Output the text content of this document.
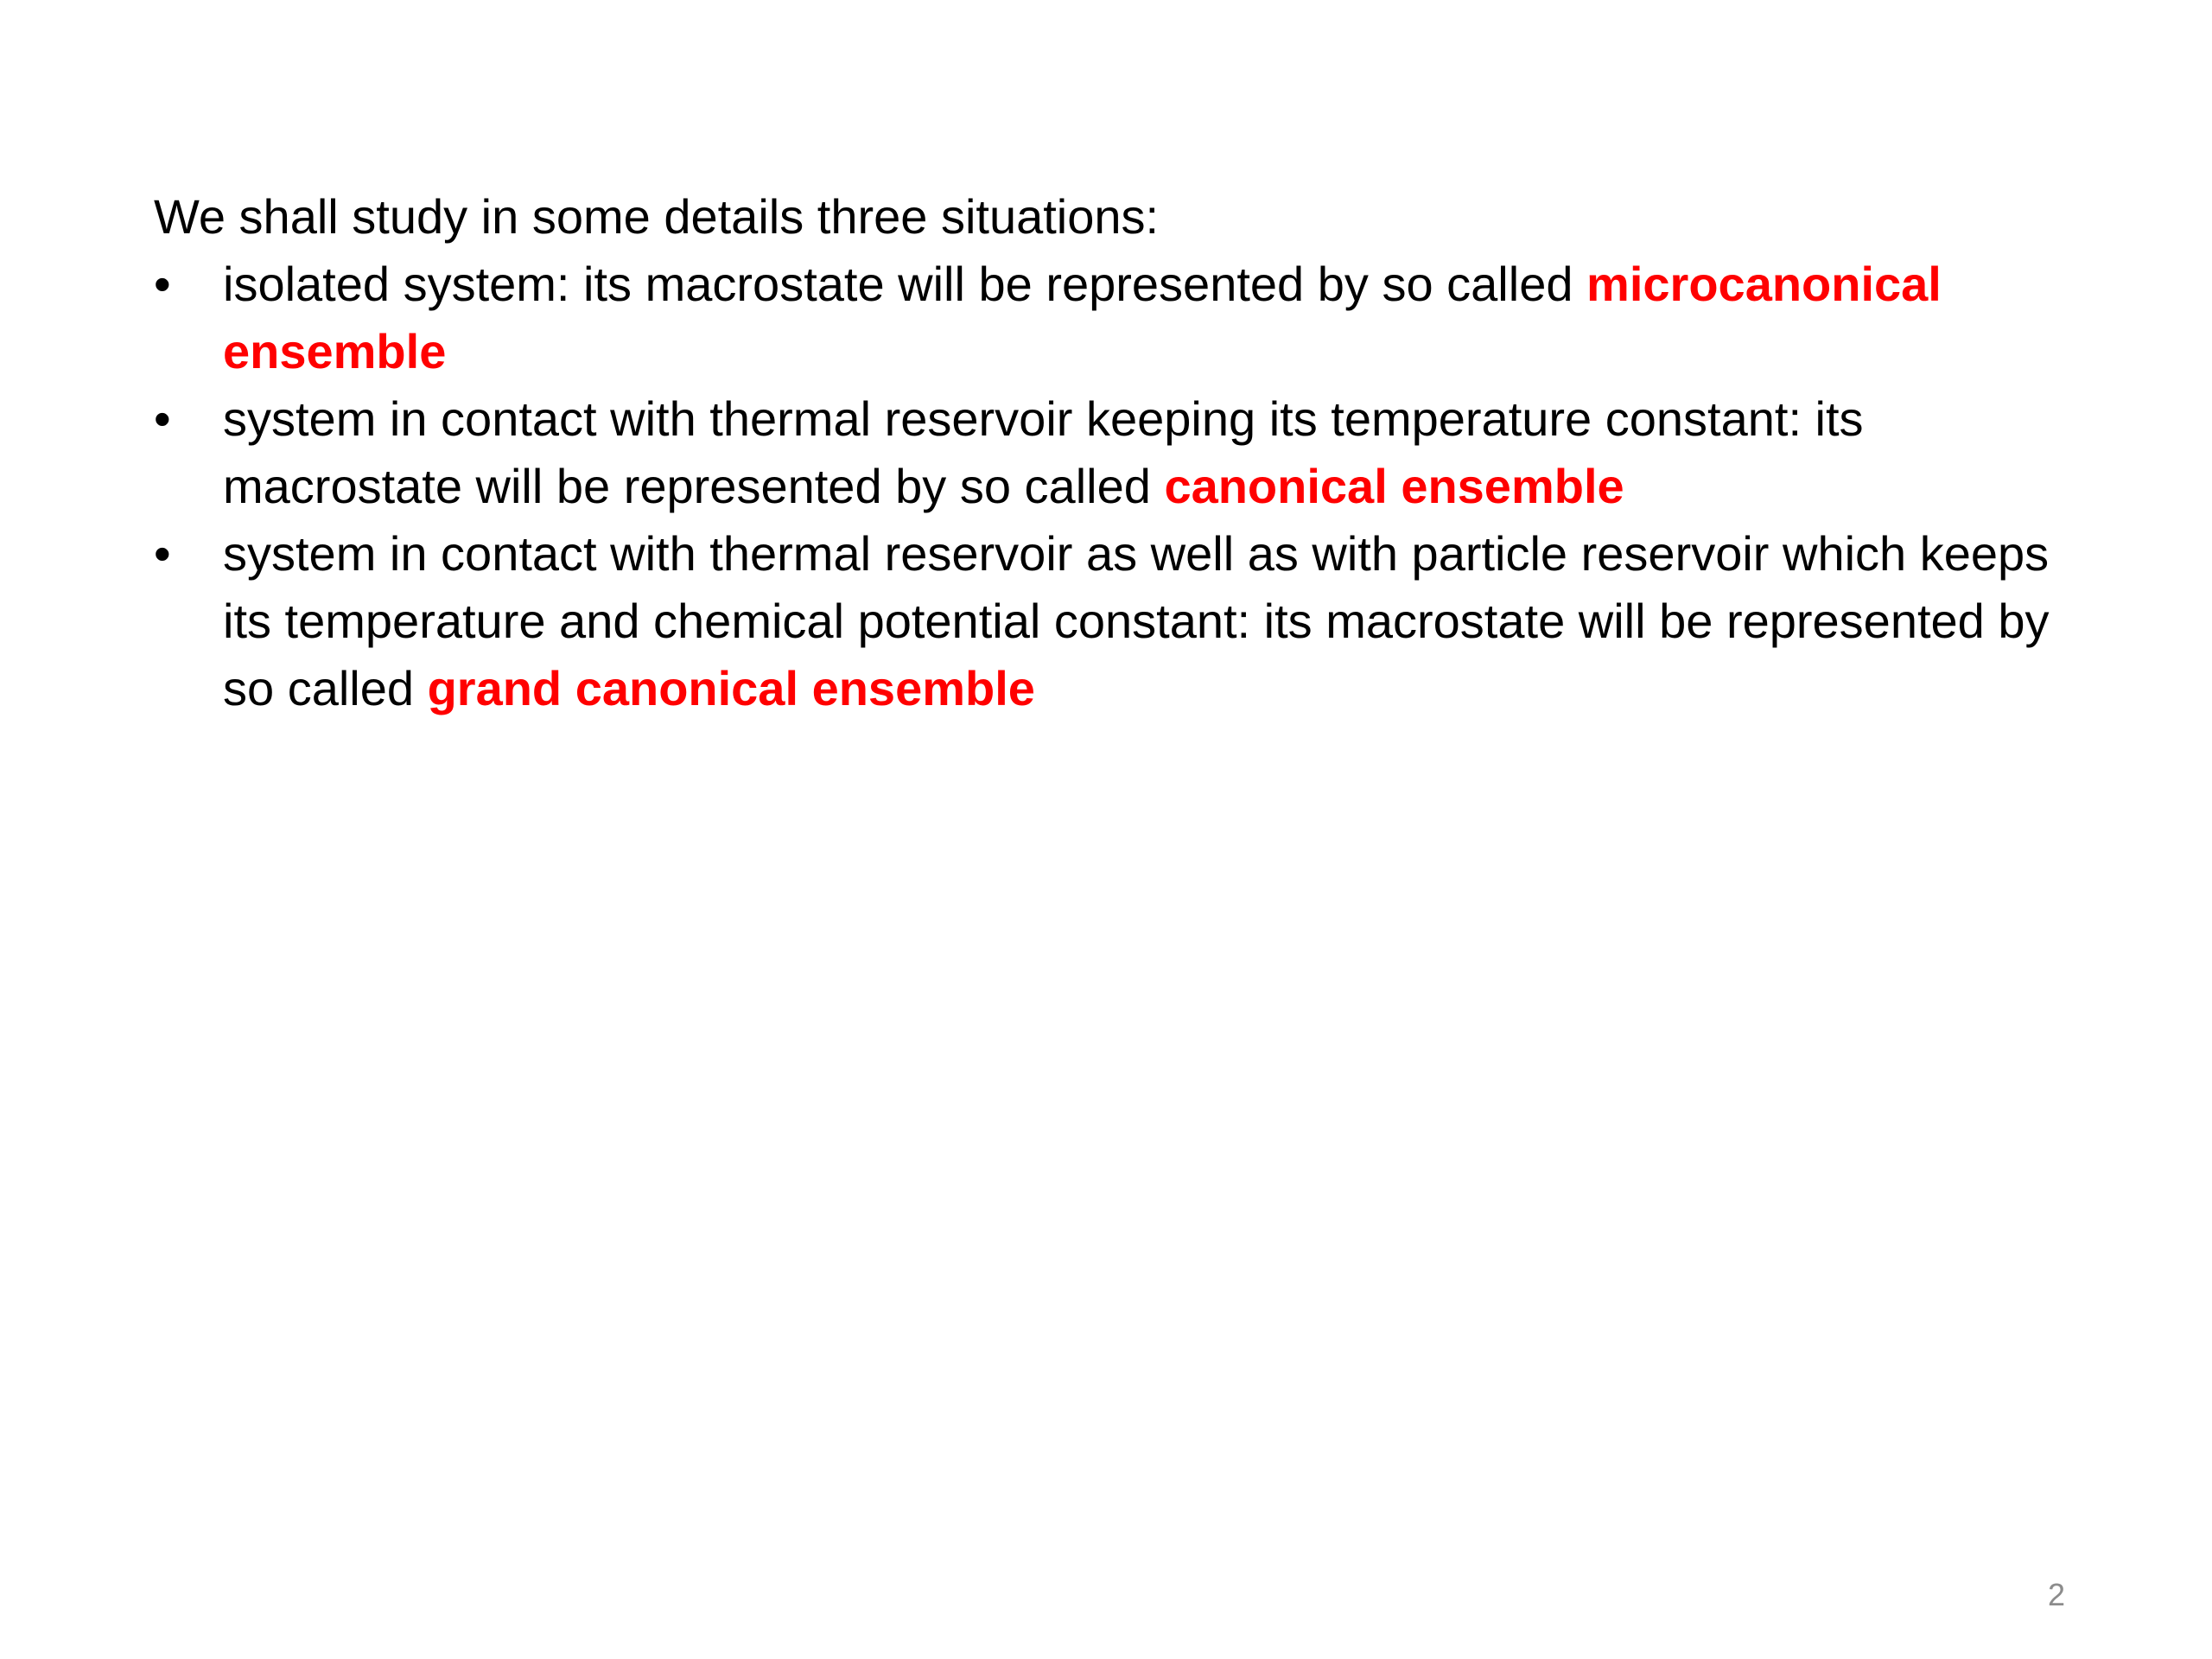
We shall study in some details three situations:

•	isolated system: its macrostate will be represented by so called microcanonical ensemble
•	system in contact with thermal reservoir keeping its temperature constant: its macrostate will be represented by so called canonical ensemble
•	system in contact with thermal reservoir as well as with particle reservoir which keeps its temperature and chemical potential constant: its macrostate will be represented by so called grand canonical ensemble
2
